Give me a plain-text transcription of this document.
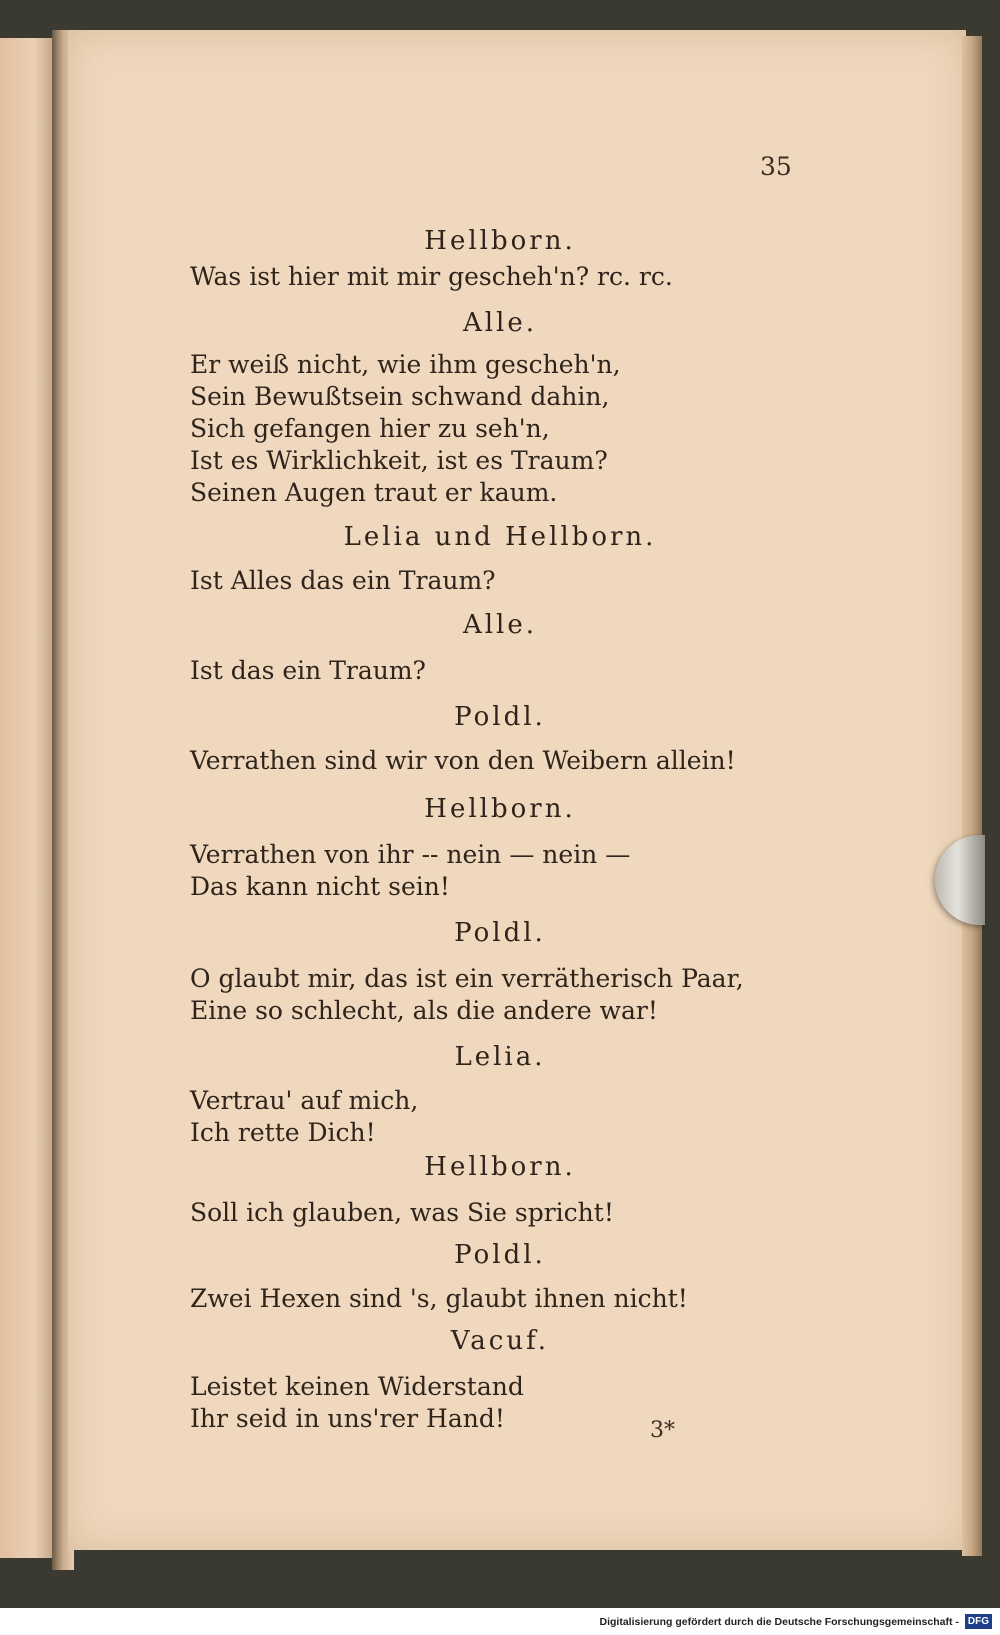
35
Hellborn.
Was ist hier mit mir gescheh'n? rc. rc.
Alle.
Er weiß nicht, wie ihm gescheh'n,
Sein Bewußtsein schwand dahin,
Sich gefangen hier zu seh'n,
Ist es Wirklichkeit, ist es Traum?
Seinen Augen traut er kaum.
Lelia und Hellborn.
Ist Alles das ein Traum?
Alle.
Ist das ein Traum?
Poldl.
Verrathen sind wir von den Weibern allein!
Hellborn.
Verrathen von ihr -- nein — nein —
Das kann nicht sein!
Poldl.
O glaubt mir, das ist ein verrätherisch Paar,
Eine so schlecht, als die andere war!
Lelia.
Vertrau' auf mich,
Ich rette Dich!
Hellborn.
Soll ich glauben, was Sie spricht!
Poldl.
Zwei Hexen sind 's, glaubt ihnen nicht!
Vacuf.
Leistet keinen Widerstand
Ihr seid in uns'rer Hand!	3*
Digitalisierung gefördert durch die Deutsche Forschungsgemeinschaft - DFG
